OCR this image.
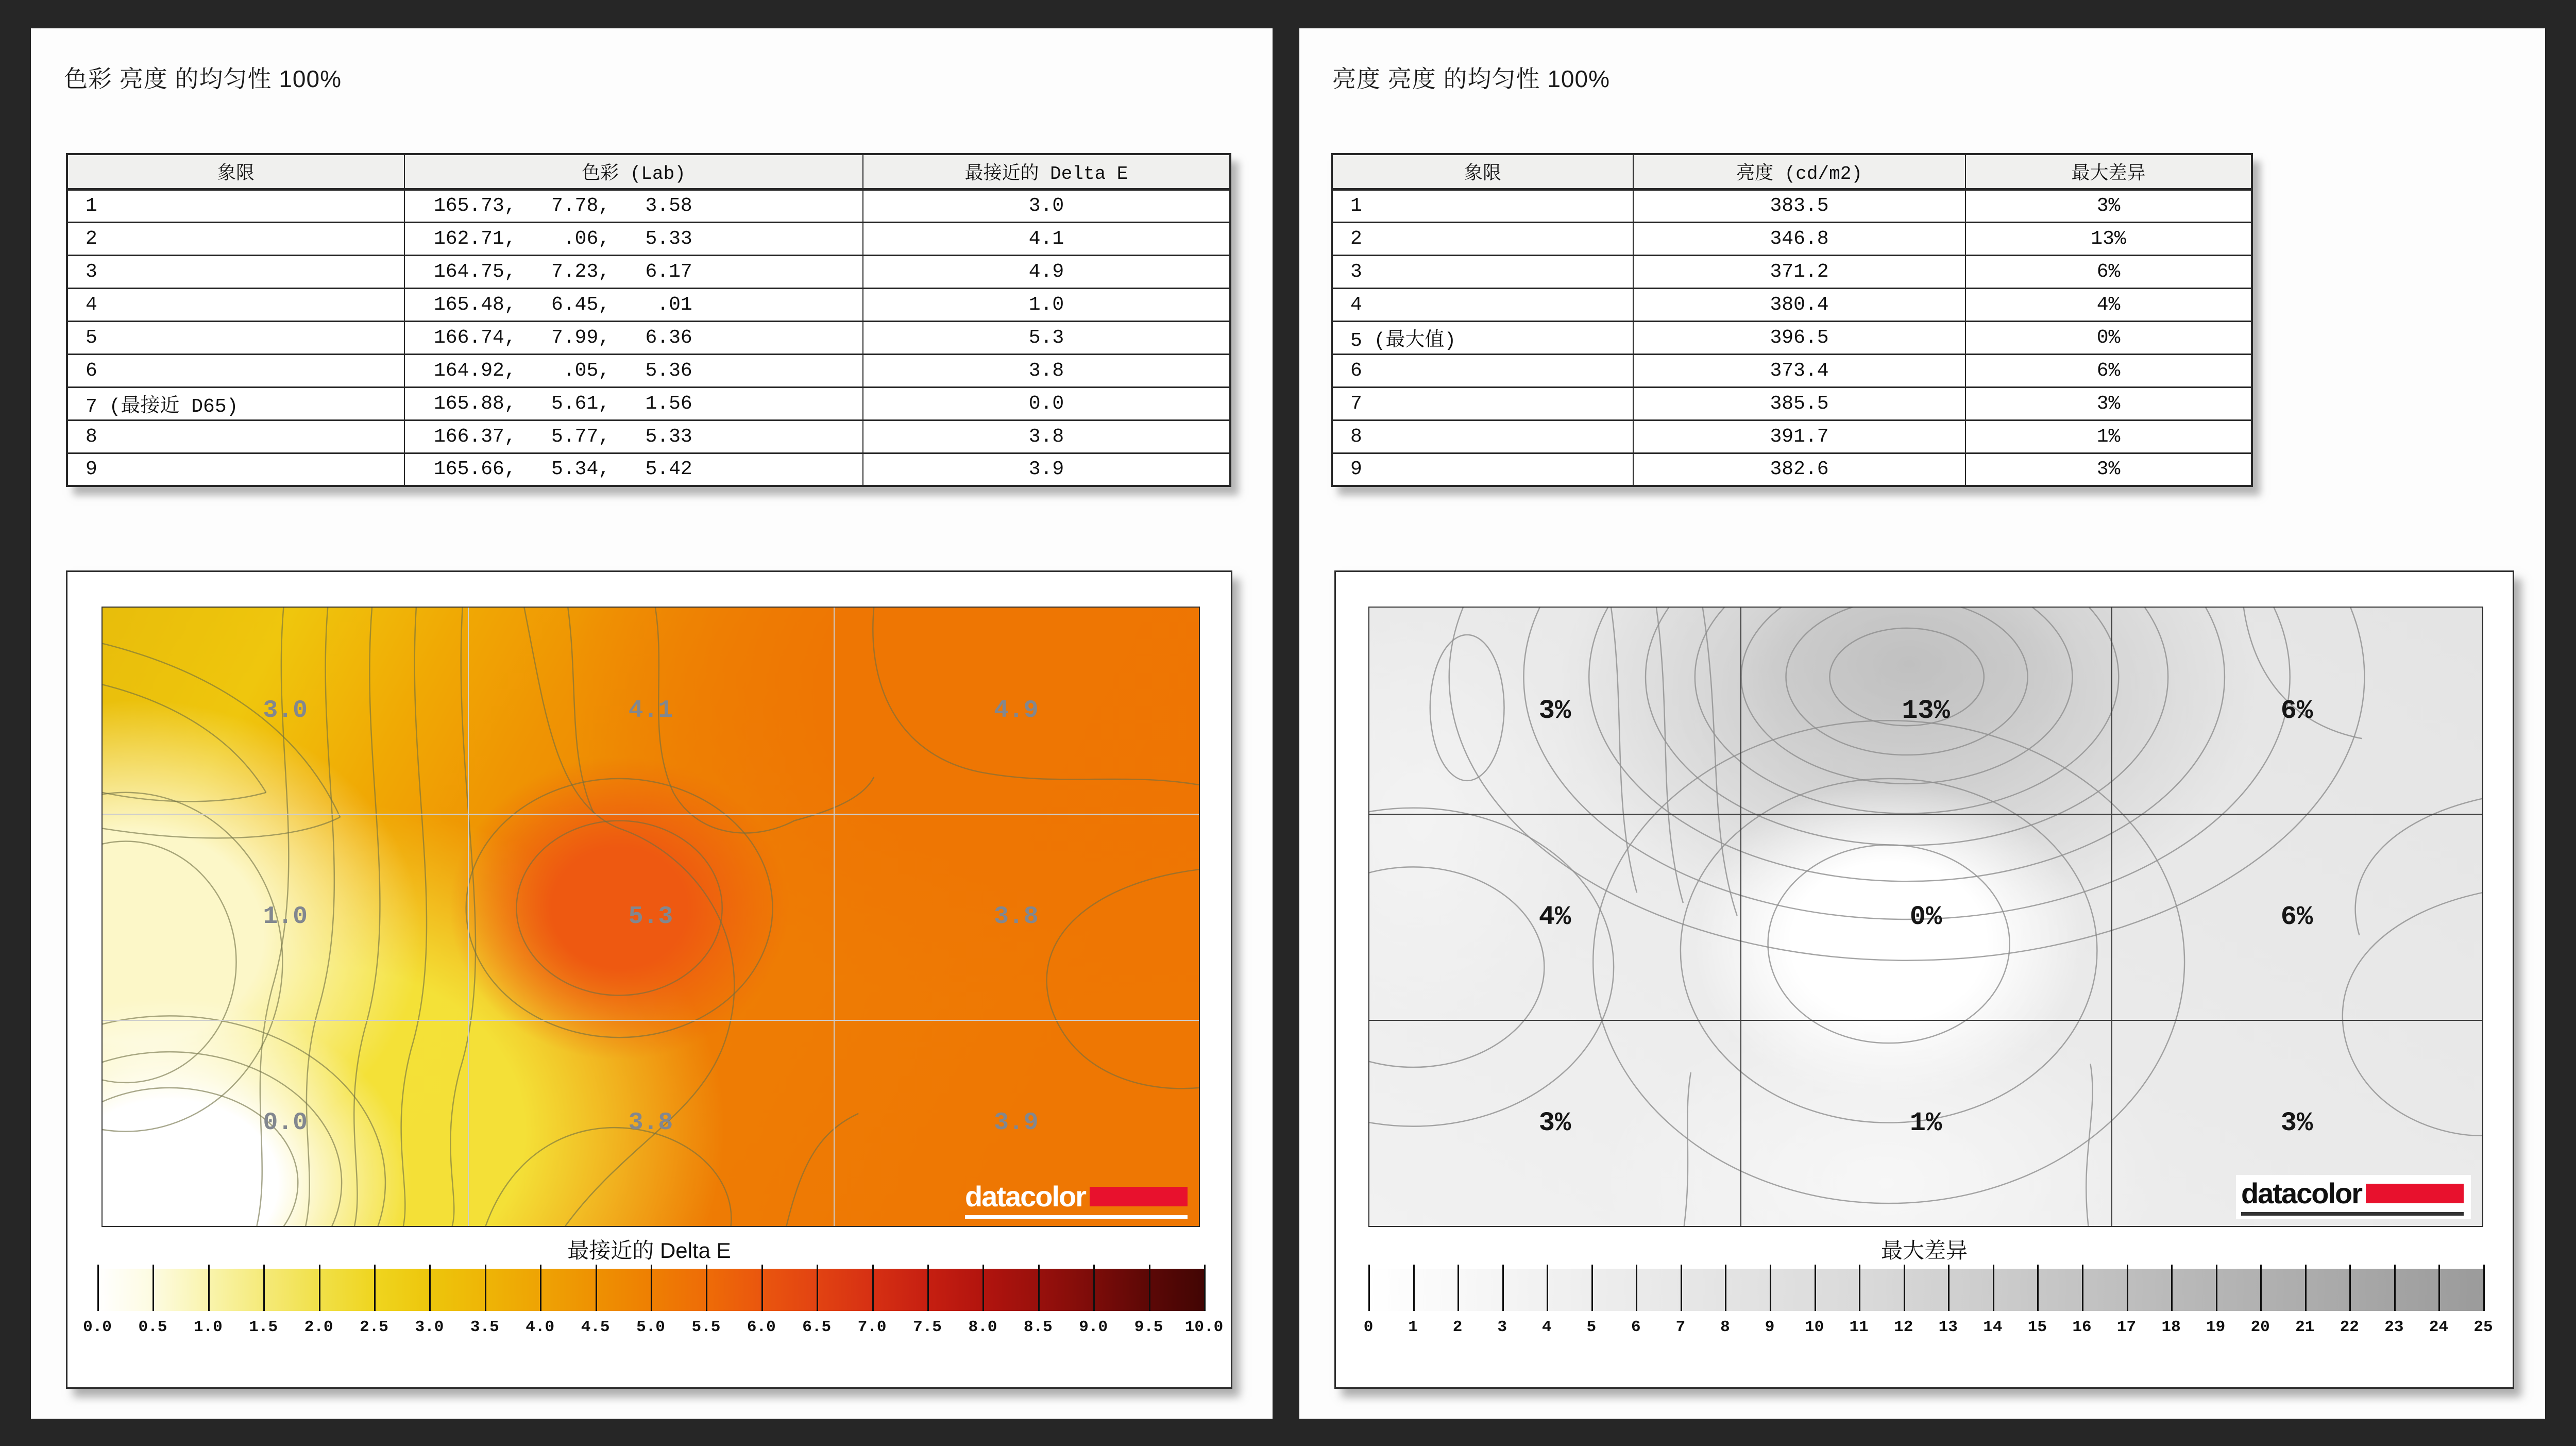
色彩 亮度 的均匀性 100%
象限	色彩 (Lab)	最接近的 Delta E
1	165.73,   7.78,   3.58	3.0
2	162.71,    .06,   5.33	4.1
3	164.75,   7.23,   6.17	4.9
4	165.48,   6.45,    .01	1.0
5	166.74,   7.99,   6.36	5.3
6	164.92,    .05,   5.36	3.8
7 (最接近 D65)	165.88,   5.61,   1.56	0.0
8	166.37,   5.77,   5.33	3.8
9	165.66,   5.34,   5.42	3.9
3.0	4.1	4.9
1.0	5.3	3.8
0.0	3.8	3.9
datacolor
最接近的 Delta E
0.0 0.5 1.0 1.5 2.0 2.5 3.0 3.5 4.0 4.5 5.0 5.5 6.0 6.5 7.0 7.5 8.0 8.5 9.0 9.5 10.0
亮度 亮度 的均匀性 100%
象限	亮度 (cd/m2)	最大差异
1	383.5	3%
2	346.8	13%
3	371.2	6%
4	380.4	4%
5 (最大值)	396.5	0%
6	373.4	6%
7	385.5	3%
8	391.7	1%
9	382.6	3%
3%	13%	6%
4%	0%	6%
3%	1%	3%
datacolor
最大差异
0 1 2 3 4 5 6 7 8 9 10 11 12 13 14 15 16 17 18 19 20 21 22 23 24 25
